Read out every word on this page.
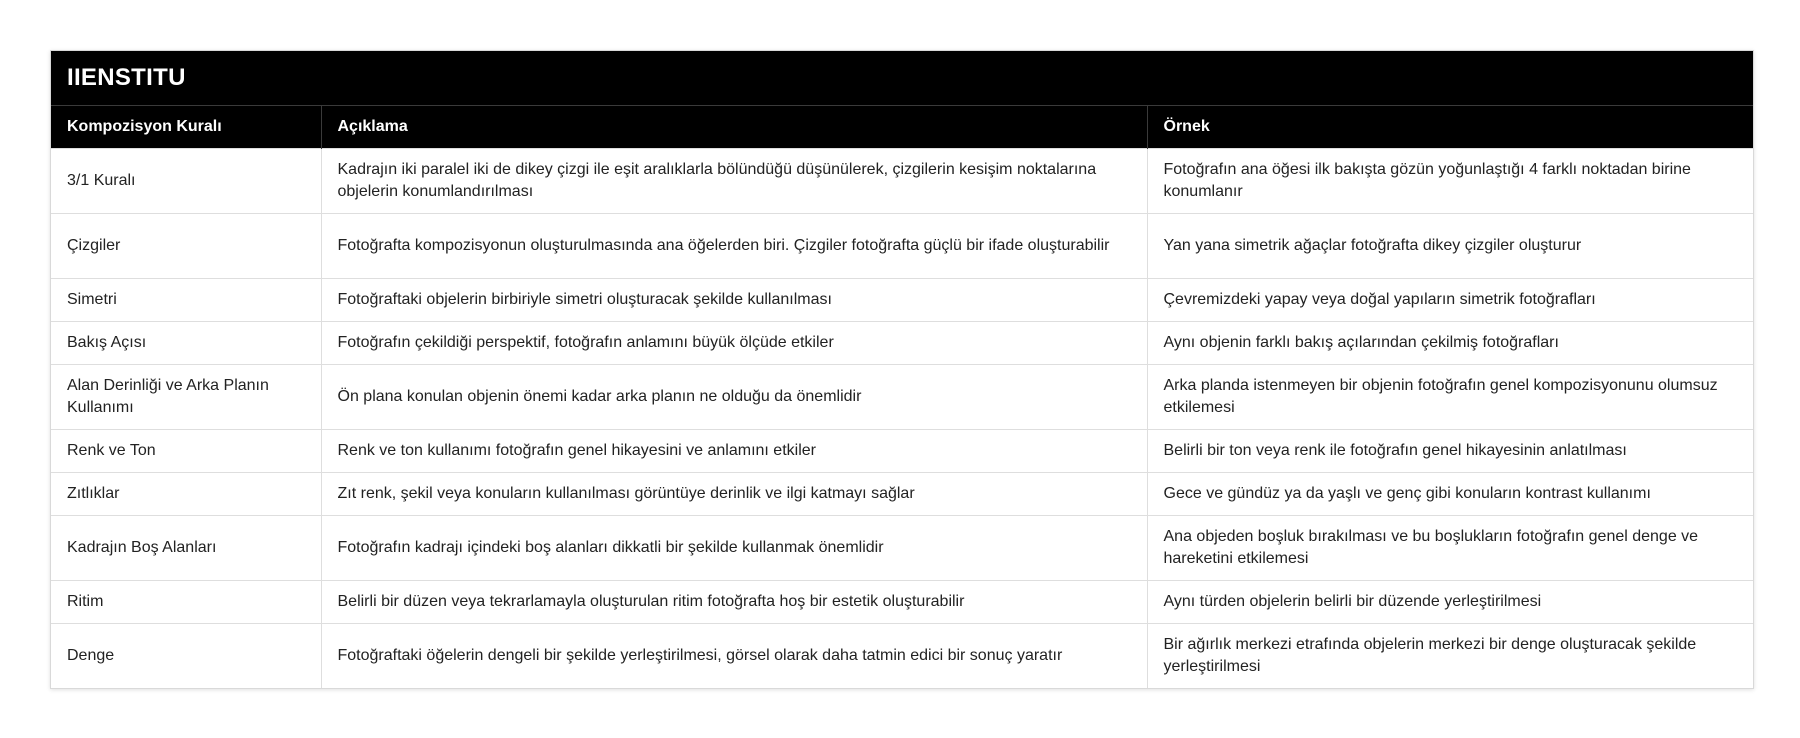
IIENSTITU
Kompozisyon Kuralı	Açıklama	Örnek
3/1 Kuralı	Kadrajın iki paralel iki de dikey çizgi ile eşit aralıklarla bölündüğü düşünülerek, çizgilerin kesişim noktalarına objelerin konumlandırılması	Fotoğrafın ana öğesi ilk bakışta gözün yoğunlaştığı 4 farklı noktadan birine konumlanır
Çizgiler	Fotoğrafta kompozisyonun oluşturulmasında ana öğelerden biri. Çizgiler fotoğrafta güçlü bir ifade oluşturabilir	Yan yana simetrik ağaçlar fotoğrafta dikey çizgiler oluşturur
Simetri	Fotoğraftaki objelerin birbiriyle simetri oluşturacak şekilde kullanılması	Çevremizdeki yapay veya doğal yapıların simetrik fotoğrafları
Bakış Açısı	Fotoğrafın çekildiği perspektif, fotoğrafın anlamını büyük ölçüde etkiler	Aynı objenin farklı bakış açılarından çekilmiş fotoğrafları
Alan Derinliği ve Arka Planın Kullanımı	Ön plana konulan objenin önemi kadar arka planın ne olduğu da önemlidir	Arka planda istenmeyen bir objenin fotoğrafın genel kompozisyonunu olumsuz etkilemesi
Renk ve Ton	Renk ve ton kullanımı fotoğrafın genel hikayesini ve anlamını etkiler	Belirli bir ton veya renk ile fotoğrafın genel hikayesinin anlatılması
Zıtlıklar	Zıt renk, şekil veya konuların kullanılması görüntüye derinlik ve ilgi katmayı sağlar	Gece ve gündüz ya da yaşlı ve genç gibi konuların kontrast kullanımı
Kadrajın Boş Alanları	Fotoğrafın kadrajı içindeki boş alanları dikkatli bir şekilde kullanmak önemlidir	Ana objeden boşluk bırakılması ve bu boşlukların fotoğrafın genel denge ve hareketini etkilemesi
Ritim	Belirli bir düzen veya tekrarlamayla oluşturulan ritim fotoğrafta hoş bir estetik oluşturabilir	Aynı türden objelerin belirli bir düzende yerleştirilmesi
Denge	Fotoğraftaki öğelerin dengeli bir şekilde yerleştirilmesi, görsel olarak daha tatmin edici bir sonuç yaratır	Bir ağırlık merkezi etrafında objelerin merkezi bir denge oluşturacak şekilde yerleştirilmesi
